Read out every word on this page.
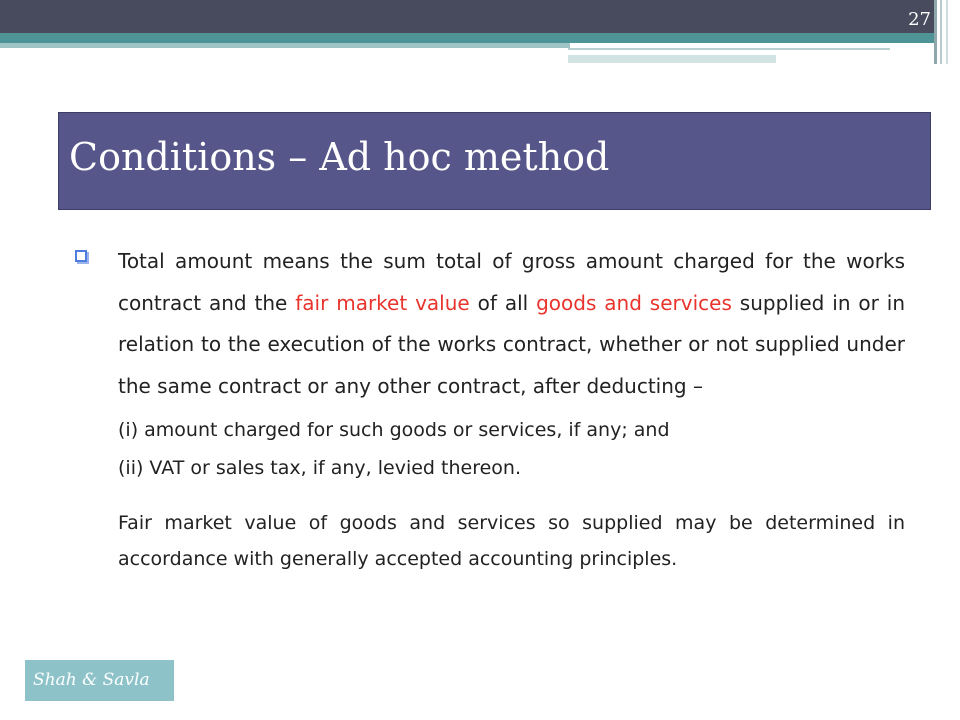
27
Conditions – Ad hoc method

Total amount means the sum total of gross amount charged for the works contract and the fair market value of all goods and services supplied in or in relation to the execution of the works contract, whether or not supplied under the same contract or any other contract, after deducting –

(i) amount charged for such goods or services, if any; and
(ii) VAT or sales tax, if any, levied thereon.

Fair market value of goods and services so supplied may be determined in accordance with generally accepted accounting principles.

Shah & Savla
